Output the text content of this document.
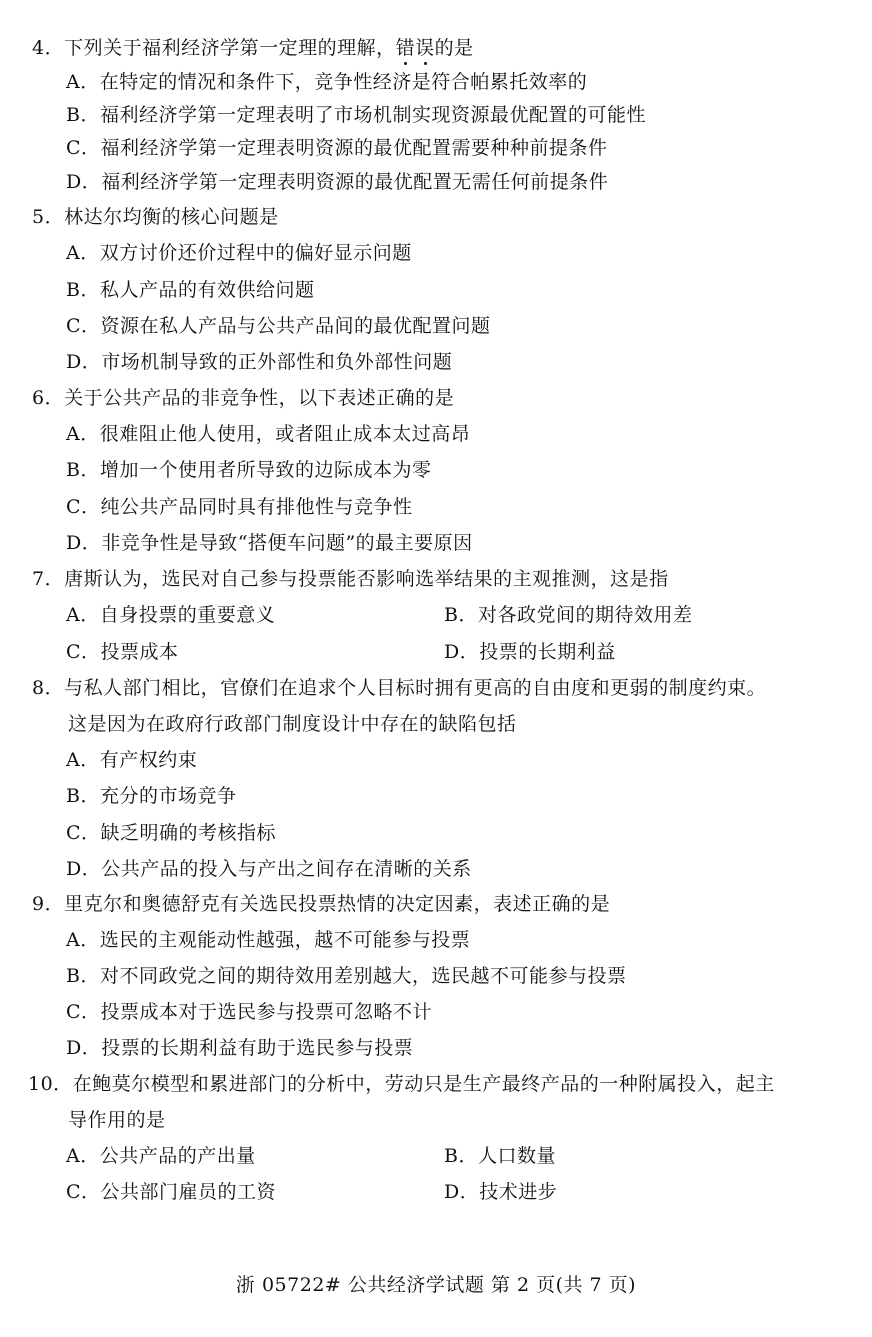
4．下列关于福利经济学第一定理的理解，错误
的是
A．在特定的情况和条件下，竞争性经济是符合帕累托效率的
B．福利经济学第一定理表明了市场机制实现资源最优配置的可能性
C．福利经济学第一定理表明资源的最优配置需要种种前提条件
D．福利经济学第一定理表明资源的最优配置无需任何前提条件
5．林达尔均衡的核心问题是
A．双方讨价还价过程中的偏好显示问题
B．私人产品的有效供给问题
C．资源在私人产品与公共产品间的最优配置问题
D．市场机制导致的正外部性和负外部性问题
6．关于公共产品的非竞争性，以下表述正确的是
A．很难阻止他人使用，或者阻止成本太过高昂
B．增加一个使用者所导致的边际成本为零
C．纯公共产品同时具有排他性与竞争性
D．非竞争性是导致“搭便车问题”的最主要原因
7．唐斯认为，选民对自己参与投票能否影响选举结果的主观推测，这是指
A．自身投票的重要意义	B．对各政党间的期待效用差
C．投票成本	D．投票的长期利益
8．与私人部门相比，官僚们在追求个人目标时拥有更高的自由度和更弱的制度约束。
这是因为在政府行政部门制度设计中存在的缺陷包括
A．有产权约束
B．充分的市场竞争
C．缺乏明确的考核指标
D．公共产品的投入与产出之间存在清晰的关系
9．里克尔和奥德舒克有关选民投票热情的决定因素，表述正确的是
A．选民的主观能动性越强，越不可能参与投票
B．对不同政党之间的期待效用差别越大，选民越不可能参与投票
C．投票成本对于选民参与投票可忽略不计
D．投票的长期利益有助于选民参与投票
10．在鲍莫尔模型和累进部门的分析中，劳动只是生产最终产品的一种附属投入，起主
导作用的是
A．公共产品的产出量	B．人口数量
C．公共部门雇员的工资	D．技术进步
浙 05722# 公共经济学试题 第 2 页(共 7 页)
